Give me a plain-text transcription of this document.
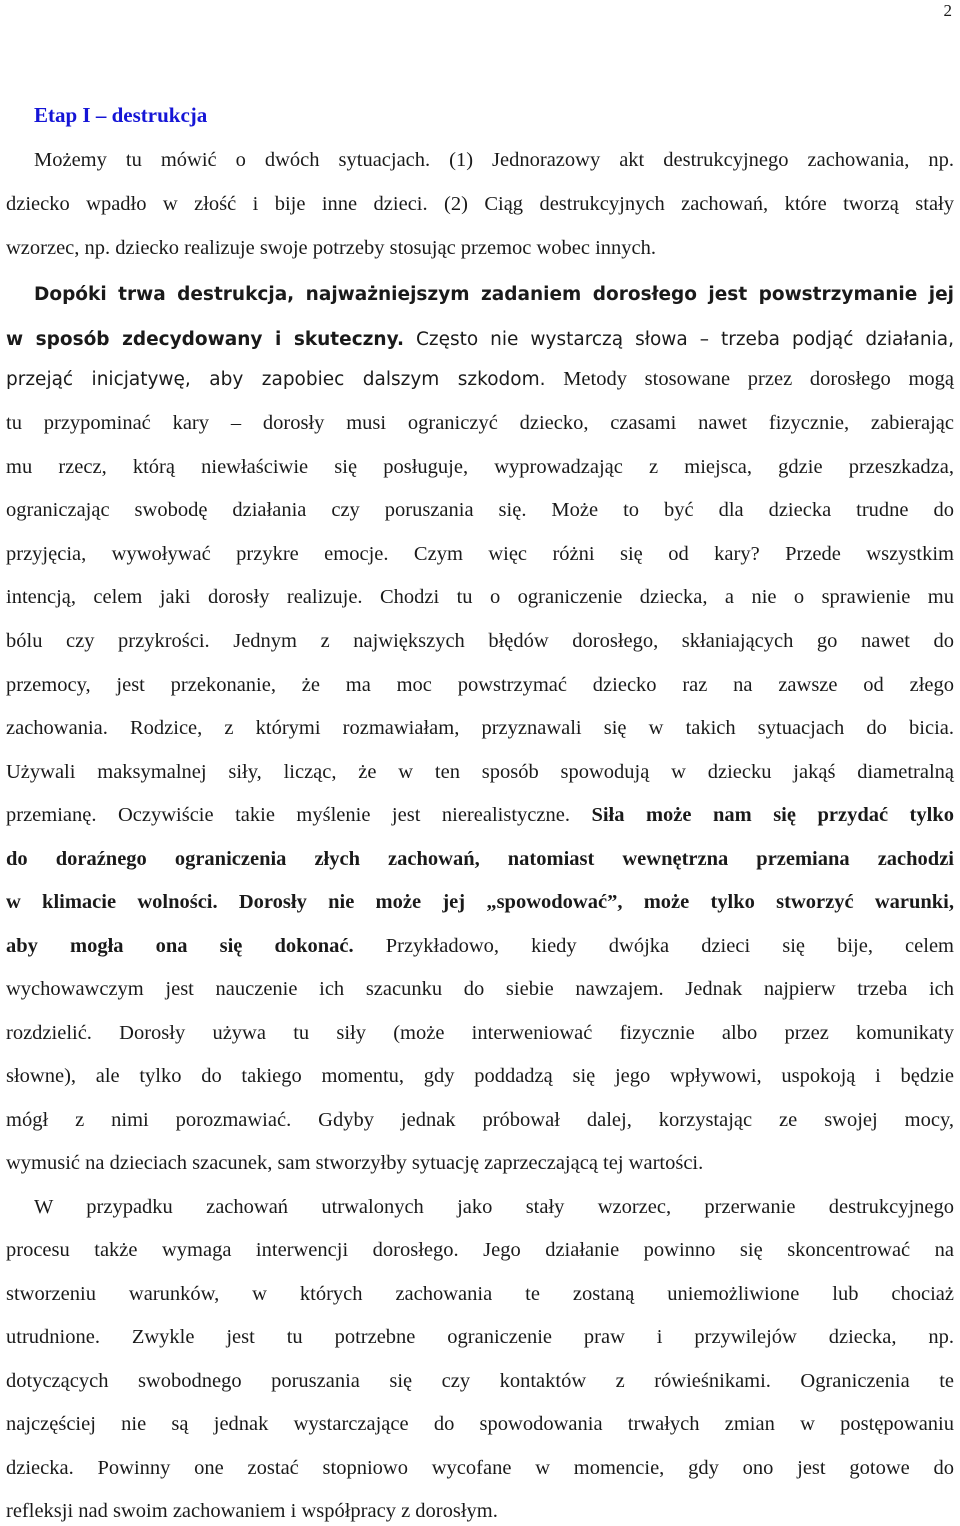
2
Etap I – destrukcja
Możemy tu mówić o dwóch sytuacjach. (1) Jednorazowy akt destrukcyjnego zachowania, np.
dziecko wpadło w złość i bije inne dzieci. (2) Ciąg destrukcyjnych zachowań, które tworzą stały
wzorzec, np. dziecko realizuje swoje potrzeby stosując przemoc wobec innych.
Dopóki trwa destrukcja, najważniejszym zadaniem dorosłego jest powstrzymanie jej
w sposób zdecydowany i skuteczny. Często nie wystarczą słowa – trzeba podjąć działania,
przejąć inicjatywę, aby zapobiec dalszym szkodom. Metody stosowane przez dorosłego mogą
tu przypominać kary – dorosły musi ograniczyć dziecko, czasami nawet fizycznie, zabierając
mu rzecz, którą niewłaściwie się posługuje, wyprowadzając z miejsca, gdzie przeszkadza,
ograniczając swobodę działania czy poruszania się. Może to być dla dziecka trudne do
przyjęcia, wywoływać przykre emocje. Czym więc różni się od kary? Przede wszystkim
intencją, celem jaki dorosły realizuje. Chodzi tu o ograniczenie dziecka, a nie o sprawienie mu
bólu czy przykrości. Jednym z największych błędów dorosłego, skłaniających go nawet do
przemocy, jest przekonanie, że ma moc powstrzymać dziecko raz na zawsze od złego
zachowania. Rodzice, z którymi rozmawiałam, przyznawali się w takich sytuacjach do bicia.
Używali maksymalnej siły, licząc, że w ten sposób spowodują w dziecku jakąś diametralną
przemianę. Oczywiście takie myślenie jest nierealistyczne. Siła może nam się przydać tylko
do doraźnego ograniczenia złych zachowań, natomiast wewnętrzna przemiana zachodzi
w klimacie wolności. Dorosły nie może jej „spowodować”, może tylko stworzyć warunki,
aby mogła ona się dokonać. Przykładowo, kiedy dwójka dzieci się bije, celem
wychowawczym jest nauczenie ich szacunku do siebie nawzajem. Jednak najpierw trzeba ich
rozdzielić. Dorosły używa tu siły (może interweniować fizycznie albo przez komunikaty
słowne), ale tylko do takiego momentu, gdy poddadzą się jego wpływowi, uspokoją i będzie
mógł z nimi porozmawiać. Gdyby jednak próbował dalej, korzystając ze swojej mocy,
wymusić na dzieciach szacunek, sam stworzyłby sytuację zaprzeczającą tej wartości.
W przypadku zachowań utrwalonych jako stały wzorzec, przerwanie destrukcyjnego
procesu także wymaga interwencji dorosłego. Jego działanie powinno się skoncentrować na
stworzeniu warunków, w których zachowania te zostaną uniemożliwione lub chociaż
utrudnione. Zwykle jest tu potrzebne ograniczenie praw i przywilejów dziecka, np.
dotyczących swobodnego poruszania się czy kontaktów z rówieśnikami. Ograniczenia te
najczęściej nie są jednak wystarczające do spowodowania trwałych zmian w postępowaniu
dziecka. Powinny one zostać stopniowo wycofane w momencie, gdy ono jest gotowe do
refleksji nad swoim zachowaniem i współpracy z dorosłym.
